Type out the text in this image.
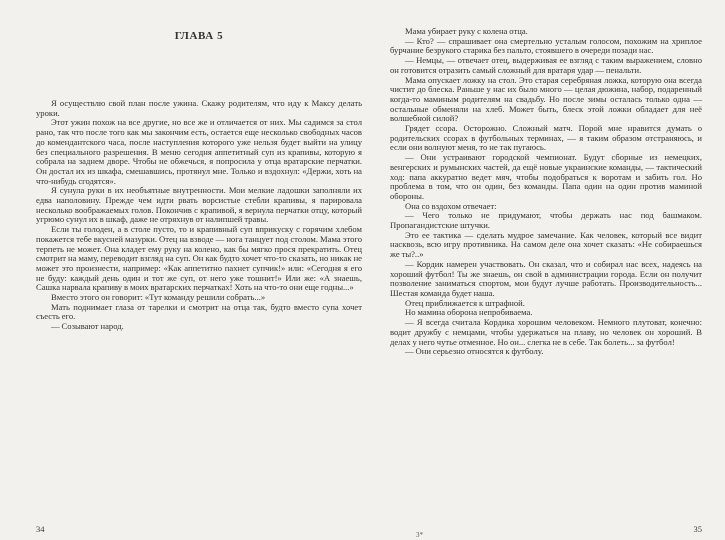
ГЛАВА 5

Я осуществлю свой план после ужина. Скажу родителям, что иду к Максу делать уроки.

Этот ужин похож на все другие, но все же и отличается от них. Мы садимся за стол рано, так что после того как мы закончим есть, остается еще несколько свободных часов до комендантского часа, после наступления которого уже нельзя будет выйти на улицу без специального разрешения. В меню сегодня аппетитный суп из крапивы, которую я собрала на заднем дворе. Чтобы не обжечься, я попросила у отца вратарские перчатки. Он достал их из шкафа, смешавшись, протянул мне. Только и вздохнул: «Держи, хоть на что-нибудь сгодятся».

Я сунула руки в их необъятные внутренности. Мои мелкие ладошки заполняли их едва наполовину. Прежде чем идти рвать ворсистые стебли крапивы, я парировала несколько воображаемых голов. Покончив с крапивой, я вернула перчатки отцу, который угрюмо сунул их в шкаф, даже не отряхнув от налипшей травы.

Если ты голоден, а в столе пусто, то и крапивный суп вприкуску с горячим хлебом покажется тебе вкусней мазурки. Отец на взводе — нога танцует под столом. Мама этого терпеть не может. Она кладет ему руку на колено, как бы мягко прося прекратить. Отец смотрит на маму, переводит взгляд на суп. Он как будто хочет что-то сказать, но никак не может это произнести, например: «Как аппетитно пахнет супчик!» или: «Сегодня я его не буду: каждый день один и тот же суп, от него уже тошнит!» Или же: «А знаешь, Сашка нарвала крапиву в моих вратарских перчатках! Хоть на что-то они еще годны...»

Вместо этого он говорит: «Тут команду решили собрать...»

Мать поднимает глаза от тарелки и смотрит на отца так, будто вместо супа хочет съесть его.

— Созывают народ.

Мама убирает руку с колена отца.

— Кто? — спрашивает она смертельно усталым голосом, похожим на хриплое бурчание безрукого старика без пальто, стоявшего в очереди позади нас.

— Немцы, — отвечает отец, выдерживая ее взгляд с таким выражением, словно он готовится отразить самый сложный для вратаря удар — пенальти.

Мама опускает ложку на стол. Это старая серебряная ложка, которую она всегда чистит до блеска. Раньше у нас их было много — целая дюжина, набор, подаренный когда-то маминым родителям на свадьбу. Но после зимы осталась только одна — остальные обменяли на хлеб. Может быть, блеск этой ложки обладает для неё волшебной силой?

Грядет ссора. Осторожно. Сложный матч. Порой мне нравится думать о родительских ссорах в футбольных терминах, — я таким образом отстраняюсь, и если они волнуют меня, то не так пугаюсь.

— Они устраивают городской чемпионат. Будут сборные из немецких, венгерских и румынских частей, да ещё новые украинские команды, — тактический ход: папа аккуратно ведет мяч, чтобы подобраться к воротам и забить гол. Но проблема в том, что он один, без команды. Папа один на один против маминой обороны.

Она со вздохом отвечает:

— Чего только не придумают, чтобы держать нас под башмаком. Пропагандистские штучки.

Это ее тактика — сделать мудрое замечание. Как человек, который все видит насквозь, всю игру противника. На самом деле она хочет сказать: «Не собираешься же ты?..»

— Кордик намерен участвовать. Он сказал, что и собирал нас всех, надеясь на хороший футбол! Ты же знаешь, он свой в администрации города. Если он получит позволение заниматься спортом, мои будут лучше работать. Производительность... Шестая команда будет наша.

Отец приближается к штрафной.

Но мамина оборона непробиваема.

— Я всегда считала Кордика хорошим человеком. Немного плутоват, конечно: водит дружбу с немцами, чтобы удержаться на плаву, но человек он хороший. В делах у него чутье отменное. Но он... слегка не в себе. Так болеть... за футбол!

— Они серьезно относятся к футболу.

34	35
3*
